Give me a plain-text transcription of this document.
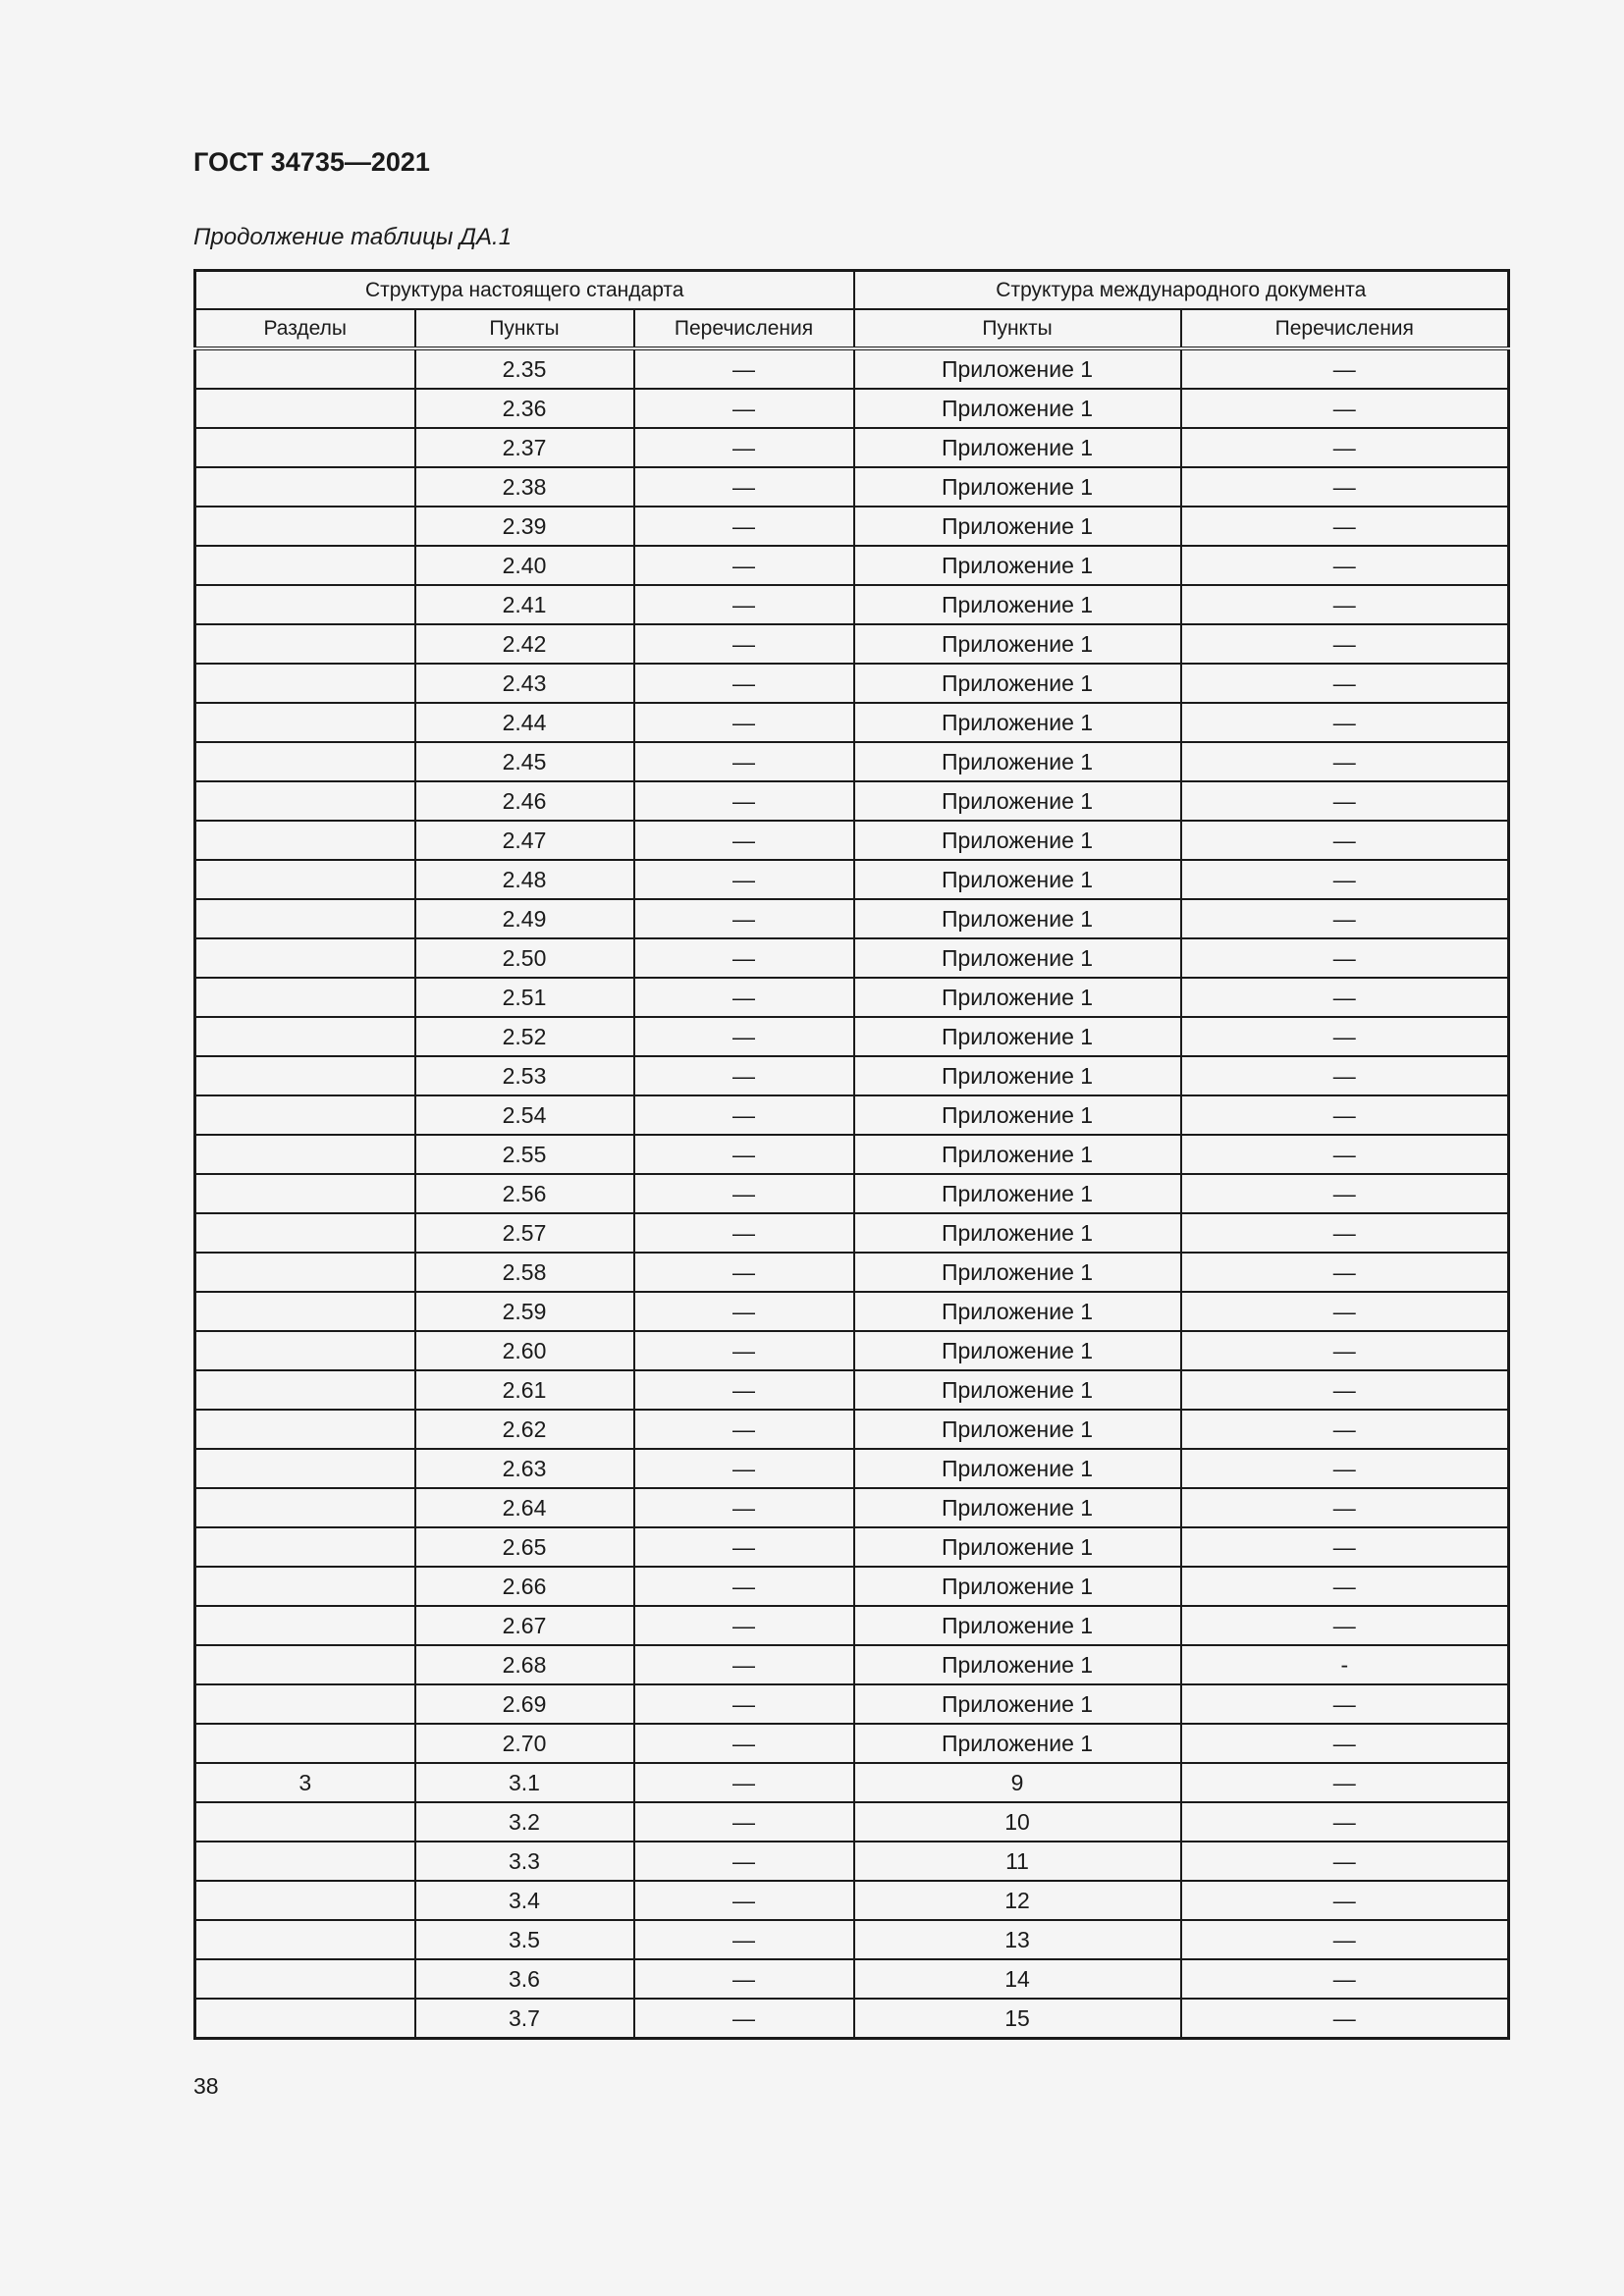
ГОСТ 34735—2021
Продолжение таблицы ДА.1
Структура настоящего стандарта			Структура международного документа	
Разделы	Пункты	Перечисления	Пункты	Перечисления
	2.35	—	Приложение 1	—
	2.36	—	Приложение 1	—
	2.37	—	Приложение 1	—
	2.38	—	Приложение 1	—
	2.39	—	Приложение 1	—
	2.40	—	Приложение 1	—
	2.41	—	Приложение 1	—
	2.42	—	Приложение 1	—
	2.43	—	Приложение 1	—
	2.44	—	Приложение 1	—
	2.45	—	Приложение 1	—
	2.46	—	Приложение 1	—
	2.47	—	Приложение 1	—
	2.48	—	Приложение 1	—
	2.49	—	Приложение 1	—
	2.50	—	Приложение 1	—
	2.51	—	Приложение 1	—
	2.52	—	Приложение 1	—
	2.53	—	Приложение 1	—
	2.54	—	Приложение 1	—
	2.55	—	Приложение 1	—
	2.56	—	Приложение 1	—
	2.57	—	Приложение 1	—
	2.58	—	Приложение 1	—
	2.59	—	Приложение 1	—
	2.60	—	Приложение 1	—
	2.61	—	Приложение 1	—
	2.62	—	Приложение 1	—
	2.63	—	Приложение 1	—
	2.64	—	Приложение 1	—
	2.65	—	Приложение 1	—
	2.66	—	Приложение 1	—
	2.67	—	Приложение 1	—
	2.68	—	Приложение 1	-
	2.69	—	Приложение 1	—
	2.70	—	Приложение 1	—
3	3.1	—	9	—
	3.2	—	10	—
	3.3	—	11	—
	3.4	—	12	—
	3.5	—	13	—
	3.6	—	14	—
	3.7	—	15	—
38
